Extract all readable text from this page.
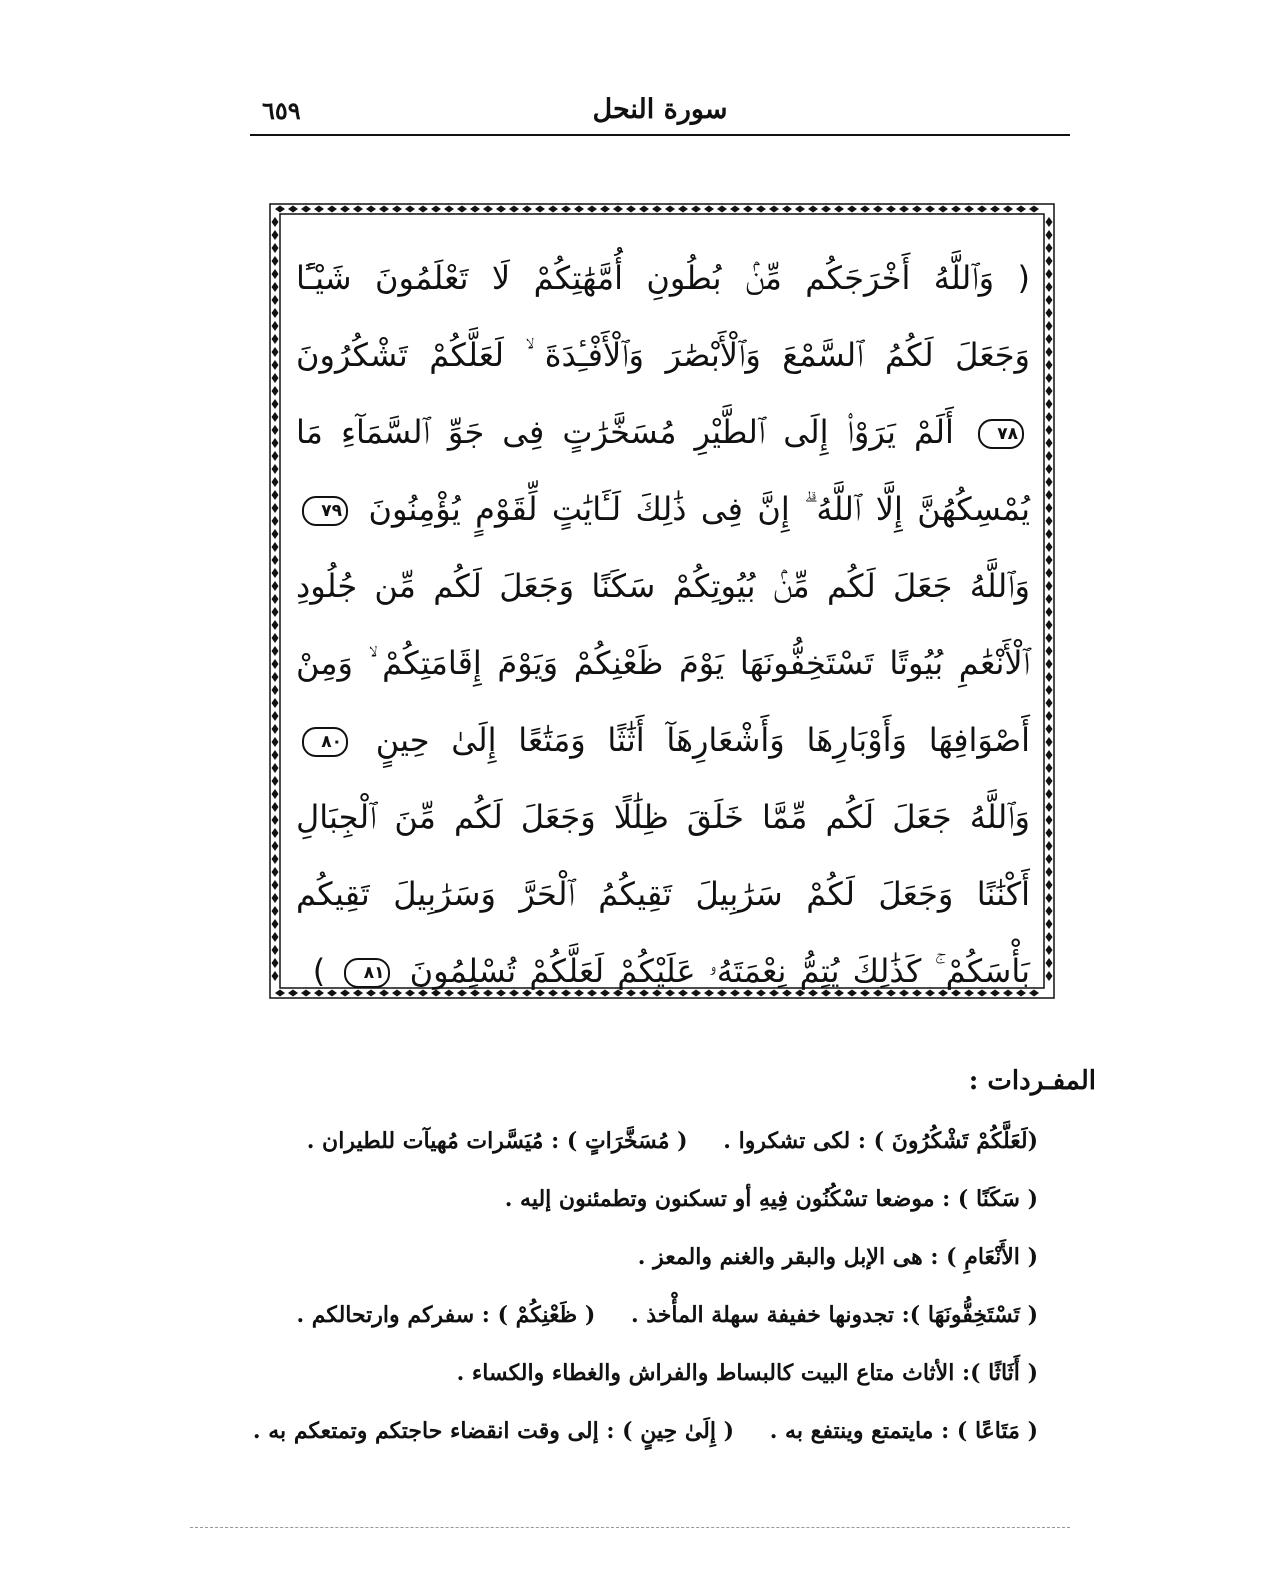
٦٥٩	سورة النحل
( وَٱللَّهُ أَخْرَجَكُم مِّنۢ بُطُونِ أُمَّهَٰتِكُمْ لَا تَعْلَمُونَ شَيْـًٔا وَجَعَلَ لَكُمُ ٱلسَّمْعَ وَٱلْأَبْصَٰرَ وَٱلْأَفْـِٔدَةَ ۙ لَعَلَّكُمْ تَشْكُرُونَ ٧٨ أَلَمْ يَرَوْا۟ إِلَى ٱلطَّيْرِ مُسَخَّرَٰتٍ فِى جَوِّ ٱلسَّمَآءِ مَا يُمْسِكُهُنَّ إِلَّا ٱللَّهُ ۗ إِنَّ فِى ذَٰلِكَ لَـَٔايَٰتٍ لِّقَوْمٍ يُؤْمِنُونَ ٧٩ وَٱللَّهُ جَعَلَ لَكُم مِّنۢ بُيُوتِكُمْ سَكَنًا وَجَعَلَ لَكُم مِّن جُلُودِ ٱلْأَنْعَٰمِ بُيُوتًا تَسْتَخِفُّونَهَا يَوْمَ ظَعْنِكُمْ وَيَوْمَ إِقَامَتِكُمْ ۙ وَمِنْ أَصْوَافِهَا وَأَوْبَارِهَا وَأَشْعَارِهَآ أَثَٰثًا وَمَتَٰعًا إِلَىٰ حِينٍ ٨٠ وَٱللَّهُ جَعَلَ لَكُم مِّمَّا خَلَقَ ظِلَٰلًا وَجَعَلَ لَكُم مِّنَ ٱلْجِبَالِ أَكْنَٰنًا وَجَعَلَ لَكُمْ سَرَٰبِيلَ تَقِيكُمُ ٱلْحَرَّ وَسَرَٰبِيلَ تَقِيكُم بَأْسَكُمْ ۚ كَذَٰلِكَ يُتِمُّ نِعْمَتَهُۥ عَلَيْكُمْ لَعَلَّكُمْ تُسْلِمُونَ ٨١ )
المفـردات :
(لَعَلَّكُمْ تَشْكُرُونَ ) : لكى تشكروا . ( مُسَخَّرَاتٍ ) : مُيَسَّرات مُهيآت للطيران .
( سَكَنًا ) : موضعا تسْكُنُون فِيهِ أو تسكنون وتطمئنون إليه .
( الأَنْعَامِ ) : هى الإبل والبقر والغنم والمعز .
( تَسْتَخِفُّونَهَا ): تجدونها خفيفة سهلة المأْخذ . ( ظَعْنِكُمْ ) : سفركم وارتحالكم .
( أَثَاثًا ): الأثاث متاع البيت كالبساط والفراش والغطاء والكساء .
( مَتَاعًا ) : مايتمتع وينتفع به . ( إِلَىٰ حِينٍ ) : إلى وقت انقضاء حاجتكم وتمتعكم به .
